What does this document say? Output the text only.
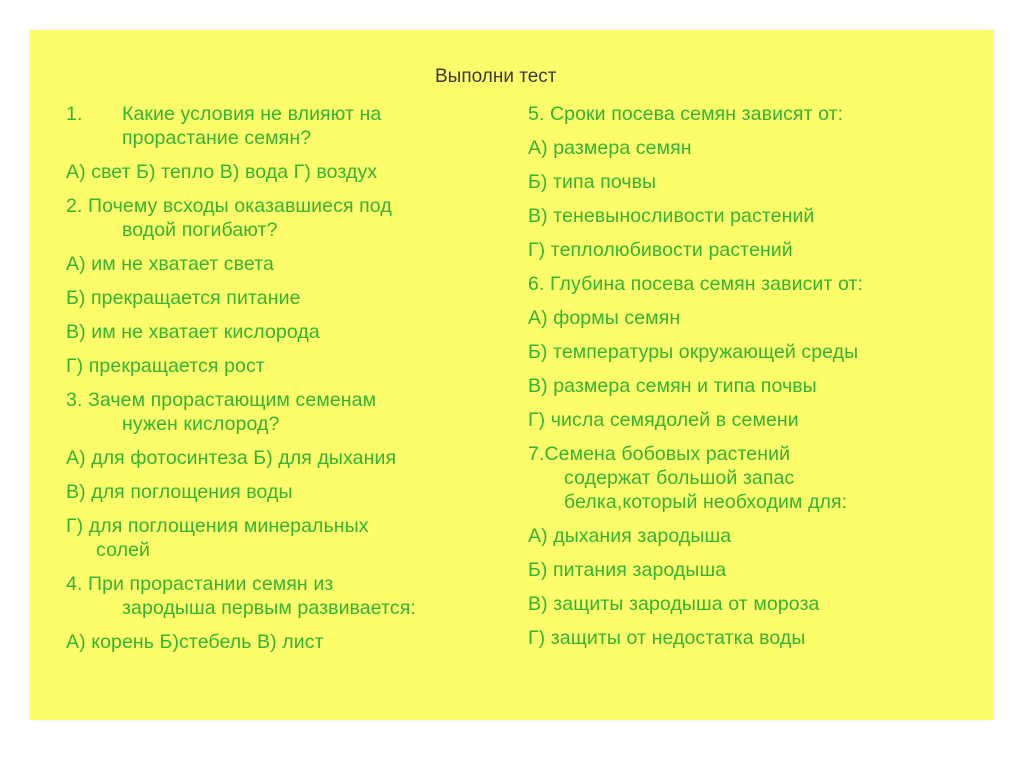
Выполни тест
1. Какие условия не влияют на
прорастание семян?
А) свет Б) тепло В) вода Г) воздух
2. Почему всходы оказавшиеся под
водой погибают?
А) им не хватает света
Б) прекращается питание
В) им не хватает кислорода
Г) прекращается рост
3. Зачем прорастающим семенам
нужен кислород?
А) для фотосинтеза Б) для дыхания
В) для поглощения воды
Г) для поглощения минеральных
солей
4. При прорастании семян из
зародыша первым развивается:
А) корень Б)стебель В) лист
5. Сроки посева семян зависят от:
А) размера семян
Б) типа почвы
В) теневыносливости растений
Г) теплолюбивости растений
6. Глубина посева семян зависит от:
А) формы семян
Б) температуры окружающей среды
В) размера семян и типа почвы
Г) числа семядолей в семени
7.Семена бобовых растений
содержат большой запас
белка,который необходим для:
А) дыхания зародыша
Б) питания зародыша
В) защиты зародыша от мороза
Г) защиты от недостатка воды
